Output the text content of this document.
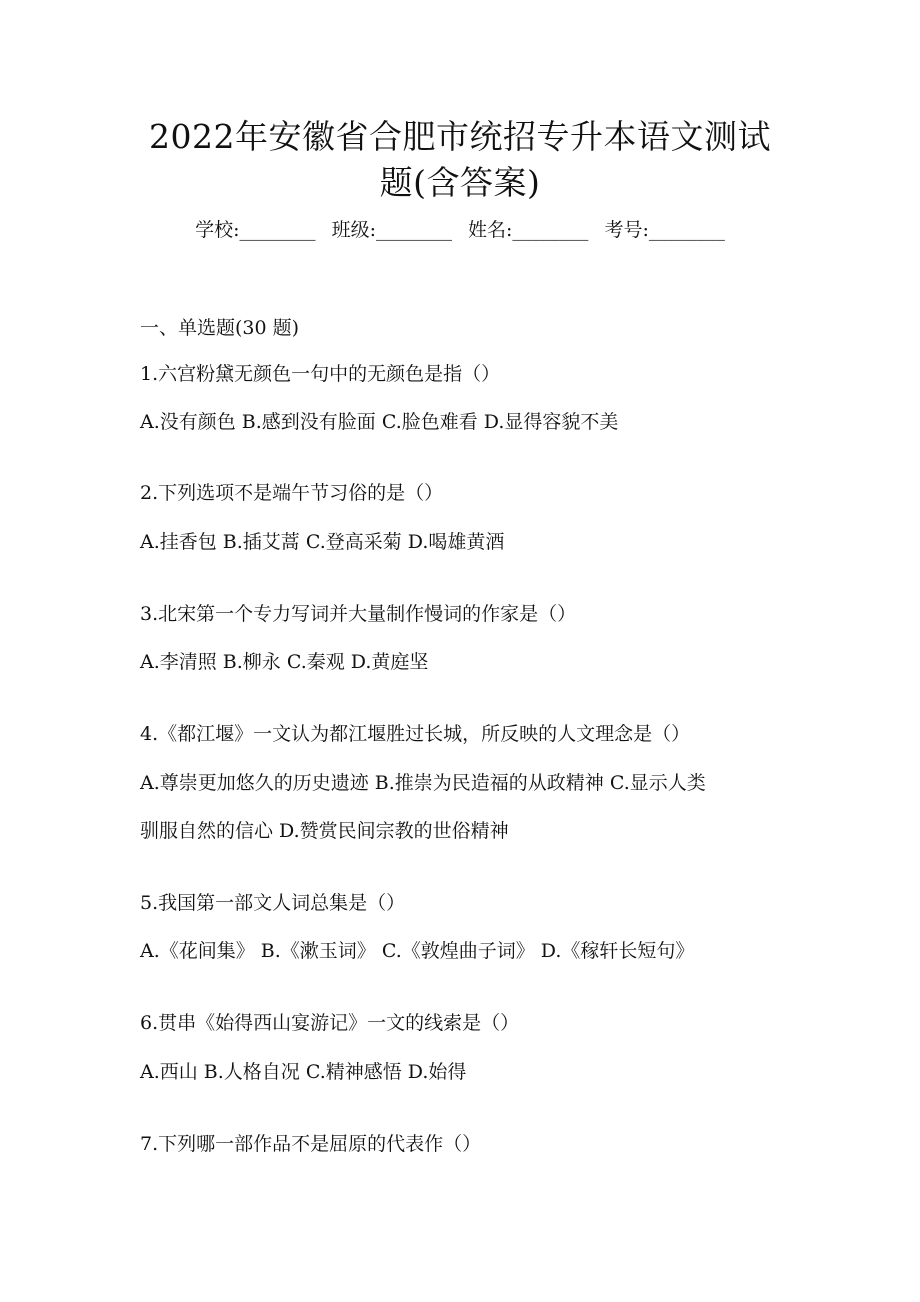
2022年安徽省合肥市统招专升本语文测试
题(含答案)
学校:________ 班级:________ 姓名:________ 考号:________

一、单选题(30 题)

1.六宫粉黛无颜色一句中的无颜色是指（）

A.没有颜色 B.感到没有脸面 C.脸色难看 D.显得容貌不美

2.下列选项不是端午节习俗的是（）

A.挂香包 B.插艾蒿 C.登高采菊 D.喝雄黄酒

3.北宋第一个专力写词并大量制作慢词的作家是（）

A.李清照 B.柳永 C.秦观 D.黄庭坚

4.《都江堰》一文认为都江堰胜过长城，所反映的人文理念是（）

A.尊崇更加悠久的历史遗迹 B.推崇为民造福的从政精神 C.显示人类

驯服自然的信心 D.赞赏民间宗教的世俗精神

5.我国第一部文人词总集是（）

A.《花间集》 B.《漱玉词》 C.《敦煌曲子词》 D.《稼轩长短句》

6.贯串《始得西山宴游记》一文的线索是（）

A.西山 B.人格自况 C.精神感悟 D.始得

7.下列哪一部作品不是屈原的代表作（）
